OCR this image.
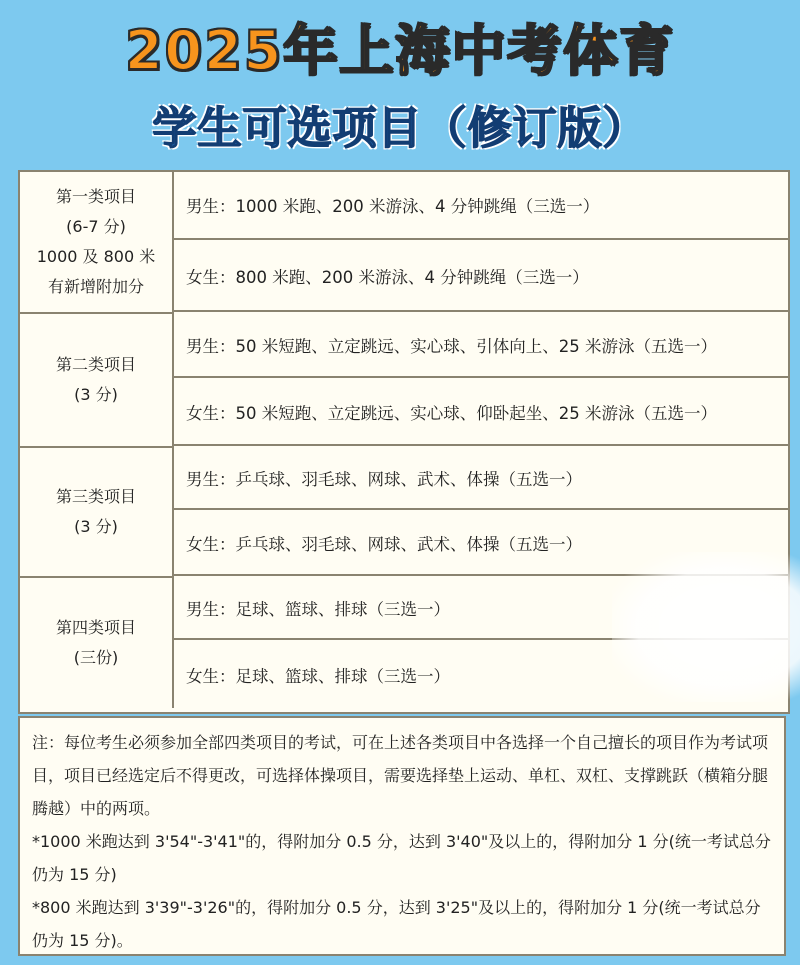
2025年上海中考体育
学生可选项目（修订版）
第一类项目
(6-7 分)
1000 及 800 米
有新增附加分
男生：1000 米跑、200 米游泳、4 分钟跳绳（三选一）
女生：800 米跑、200 米游泳、4 分钟跳绳（三选一）
第二类项目
(3 分)
男生：50 米短跑、立定跳远、实心球、引体向上、25 米游泳（五选一）
女生：50 米短跑、立定跳远、实心球、仰卧起坐、25 米游泳（五选一）
第三类项目
(3 分)
男生：乒乓球、羽毛球、网球、武术、体操（五选一）
女生：乒乓球、羽毛球、网球、武术、体操（五选一）
第四类项目
(三份)
男生：足球、篮球、排球（三选一）
女生：足球、篮球、排球（三选一）

注：每位考生必须参加全部四类项目的考试，可在上述各类项目中各选择一个自己擅长的项目作为考试项目，项目已经选定后不得更改，可选择体操项目，需要选择垫上运动、单杠、双杠、支撑跳跃（横箱分腿腾越）中的两项。

*1000 米跑达到 3'54"-3'41"的，得附加分 0.5 分，达到 3'40"及以上的，得附加分 1 分(统一考试总分仍为 15 分)

*800 米跑达到 3'39"-3'26"的，得附加分 0.5 分，达到 3'25"及以上的，得附加分 1 分(统一考试总分仍为 15 分)。
